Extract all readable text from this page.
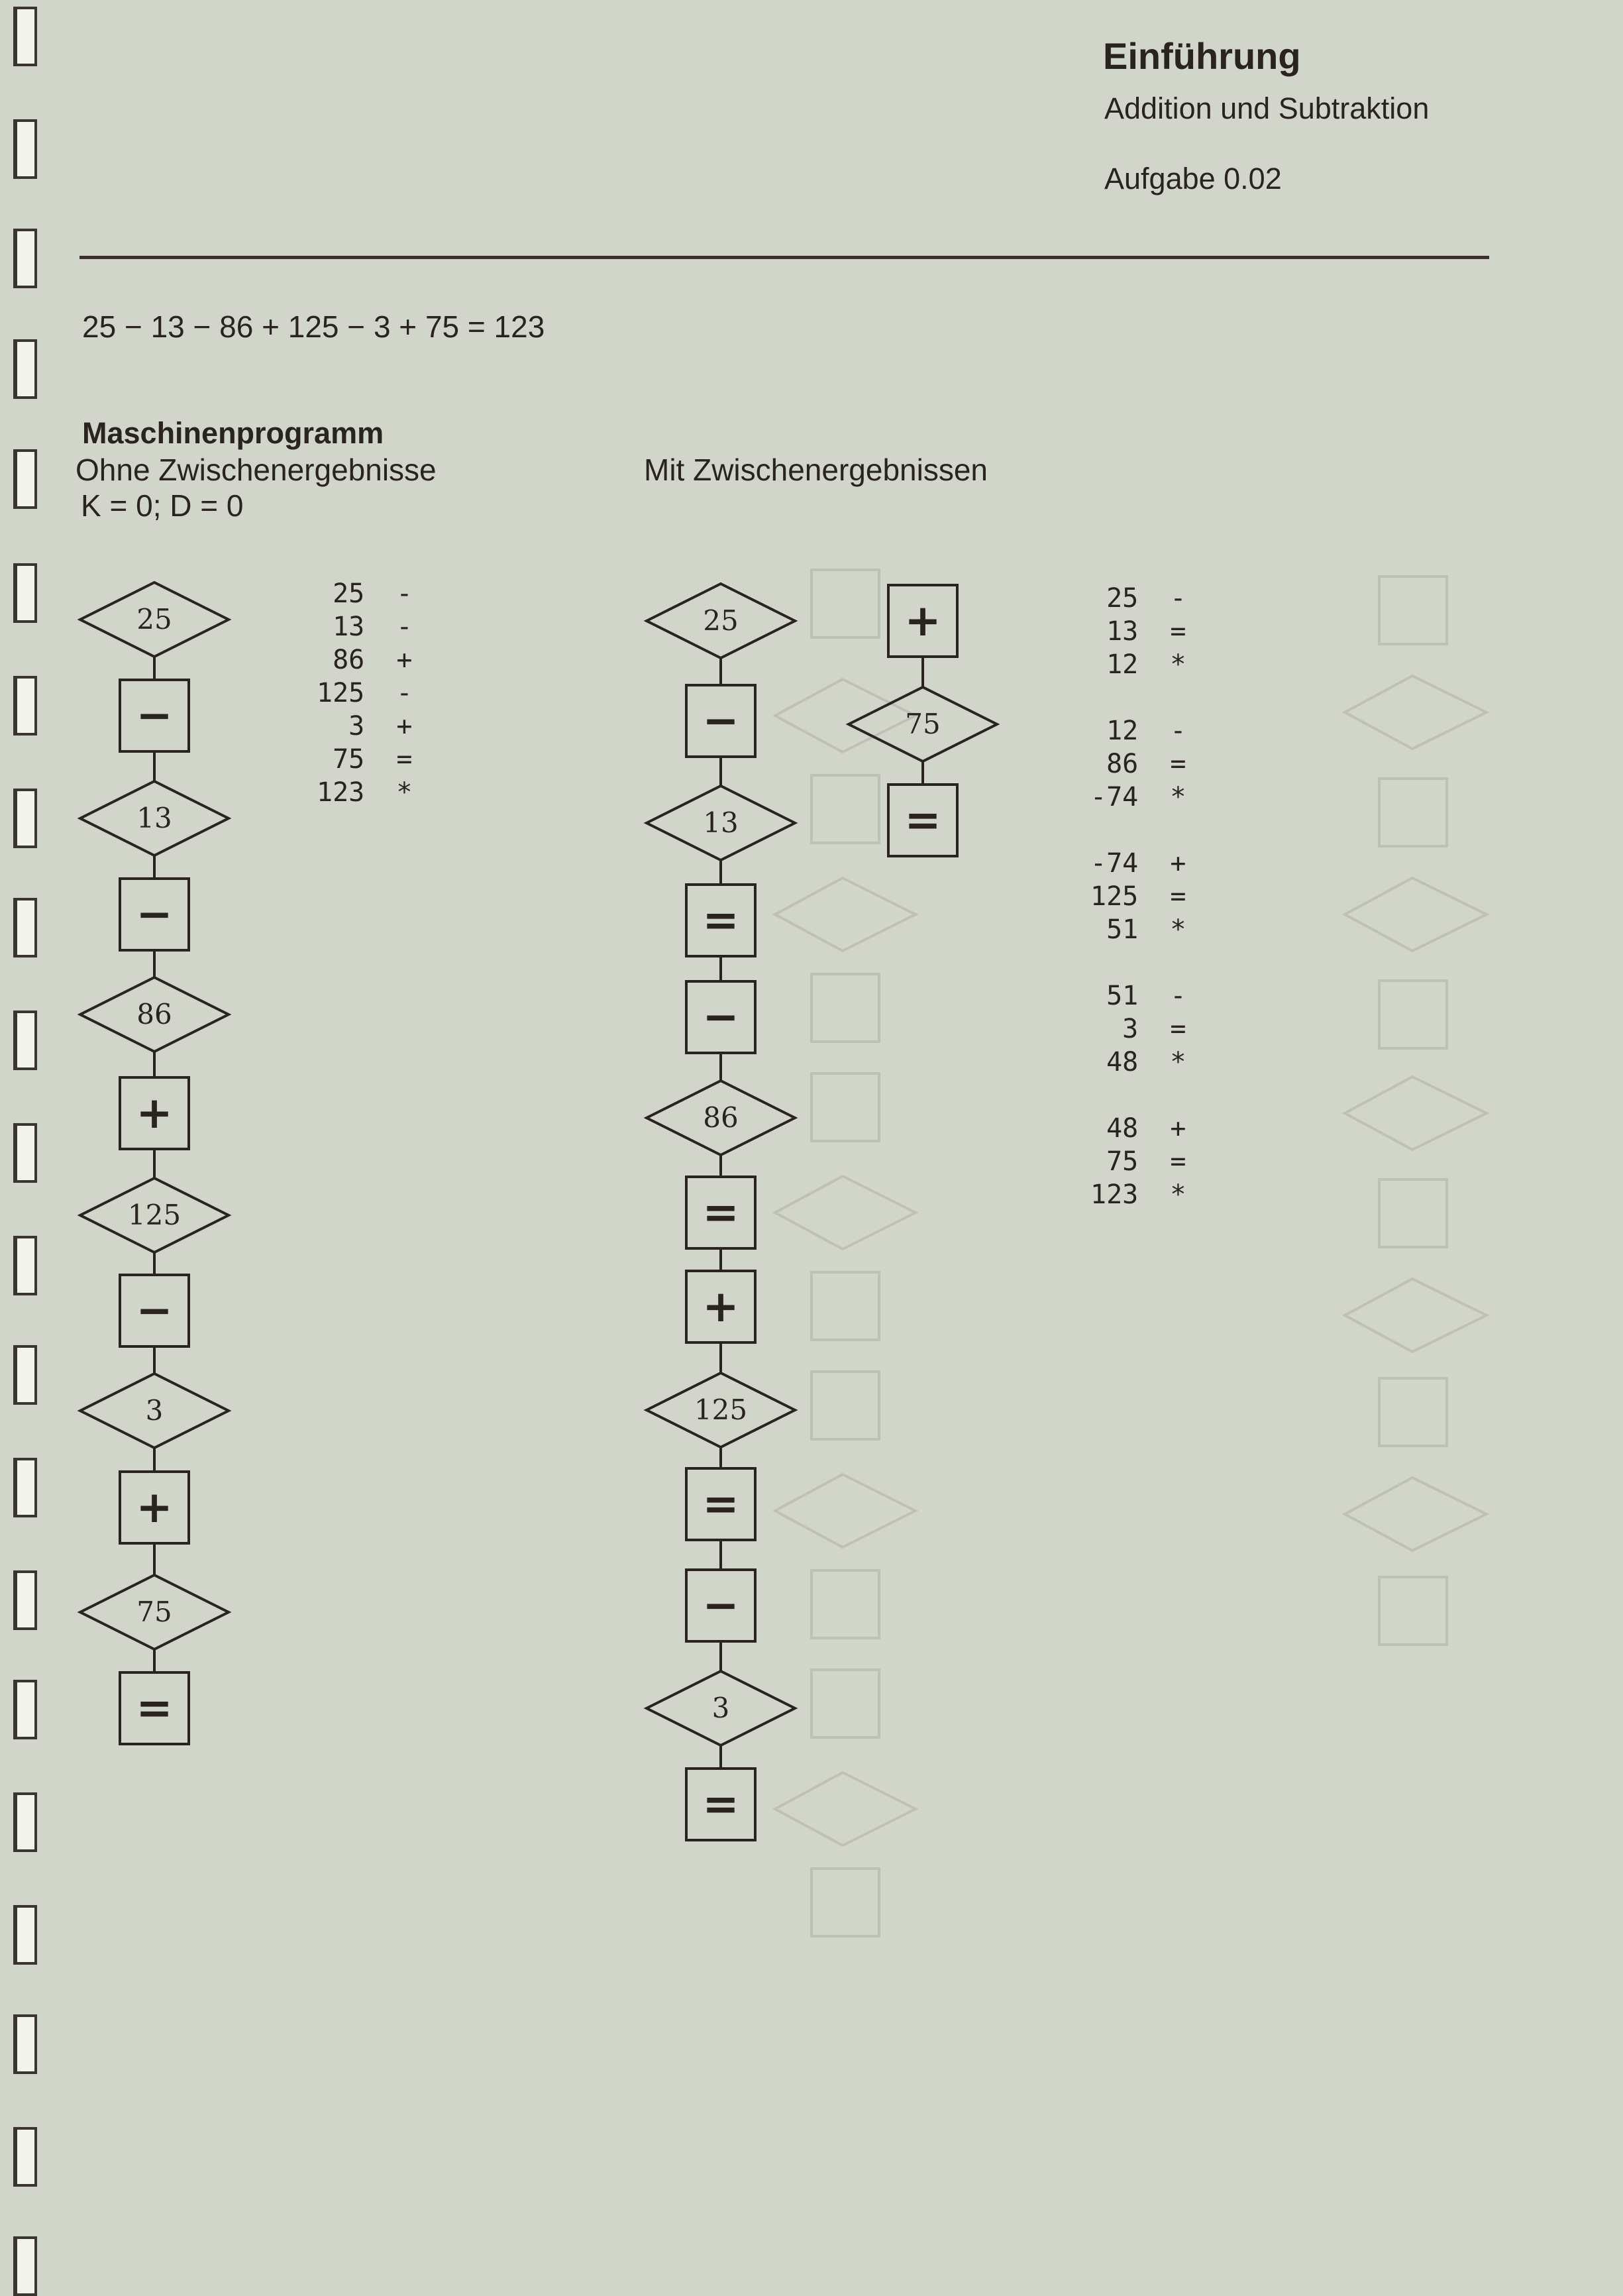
Einführung
Addition und Subtraktion
Aufgabe 0.02
25 − 13 − 86 + 125 − 3 + 75 = 123
Maschinenprogramm
Ohne Zwischenergebnisse
K = 0; D = 0
Mit Zwischenergebnissen
25  -
13  -
86  +
125  -
3  +
75  =
123  *
25  -
13  =
12  *

12  -
86  =
-74  *

-74  +
125  =
51  *

51  -
3  =
48  *

48  +
75  =
123  *
25
−
13
−
86
+
125
−
3
+
75
=
25
−
13
=
−
86
=
+
125
=
−
3
=
+
75
=
